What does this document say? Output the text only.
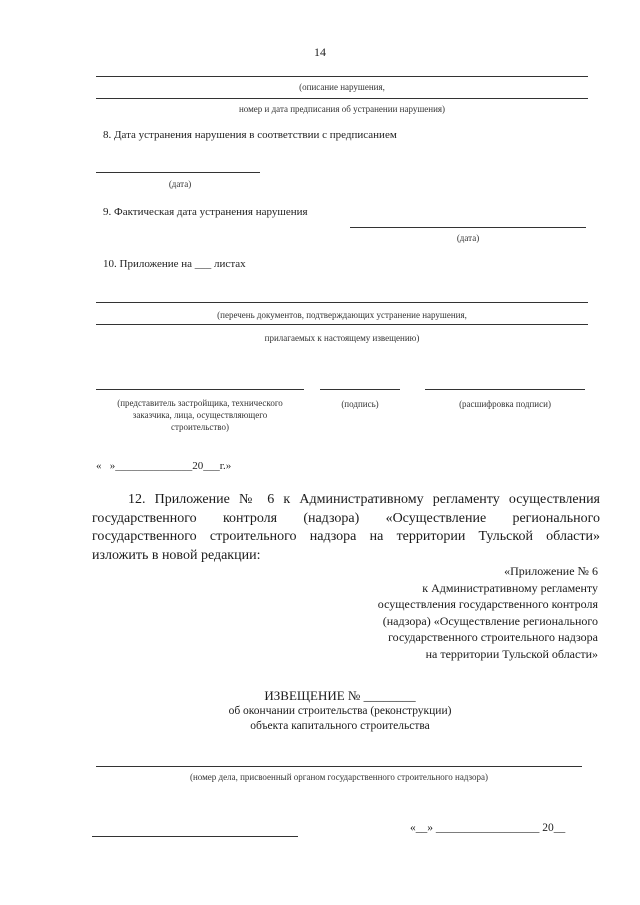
14
(описание нарушения,
номер и дата предписания об устранении нарушения)
8. Дата устранения нарушения в соответствии с предписанием
(дата)
9. Фактическая дата устранения нарушения
(дата)
10. Приложение на ___ листах
(перечень документов, подтверждающих устранение нарушения,
прилагаемых к настоящему извещению)
(представитель застройщика, технического
заказчика, лица, осуществляющего
строительство)
(подпись)	(расшифровка подписи)
«   »______________20___г.»
12. Приложение № 6 к Административному регламенту осуществления
государственного контроля (надзора) «Осуществление регионального
государственного строительного надзора на территории Тульской области»
изложить в новой редакции:
«Приложение № 6
к Административному регламенту
осуществления государственного контроля
(надзора) «Осуществление регионального
государственного строительного надзора
на территории Тульской области»
ИЗВЕЩЕНИЕ № ________
об окончании строительства (реконструкции)
объекта капитального строительства
(номер дела, присвоенный органом государственного строительного надзора)
«__» __________________ 20__
